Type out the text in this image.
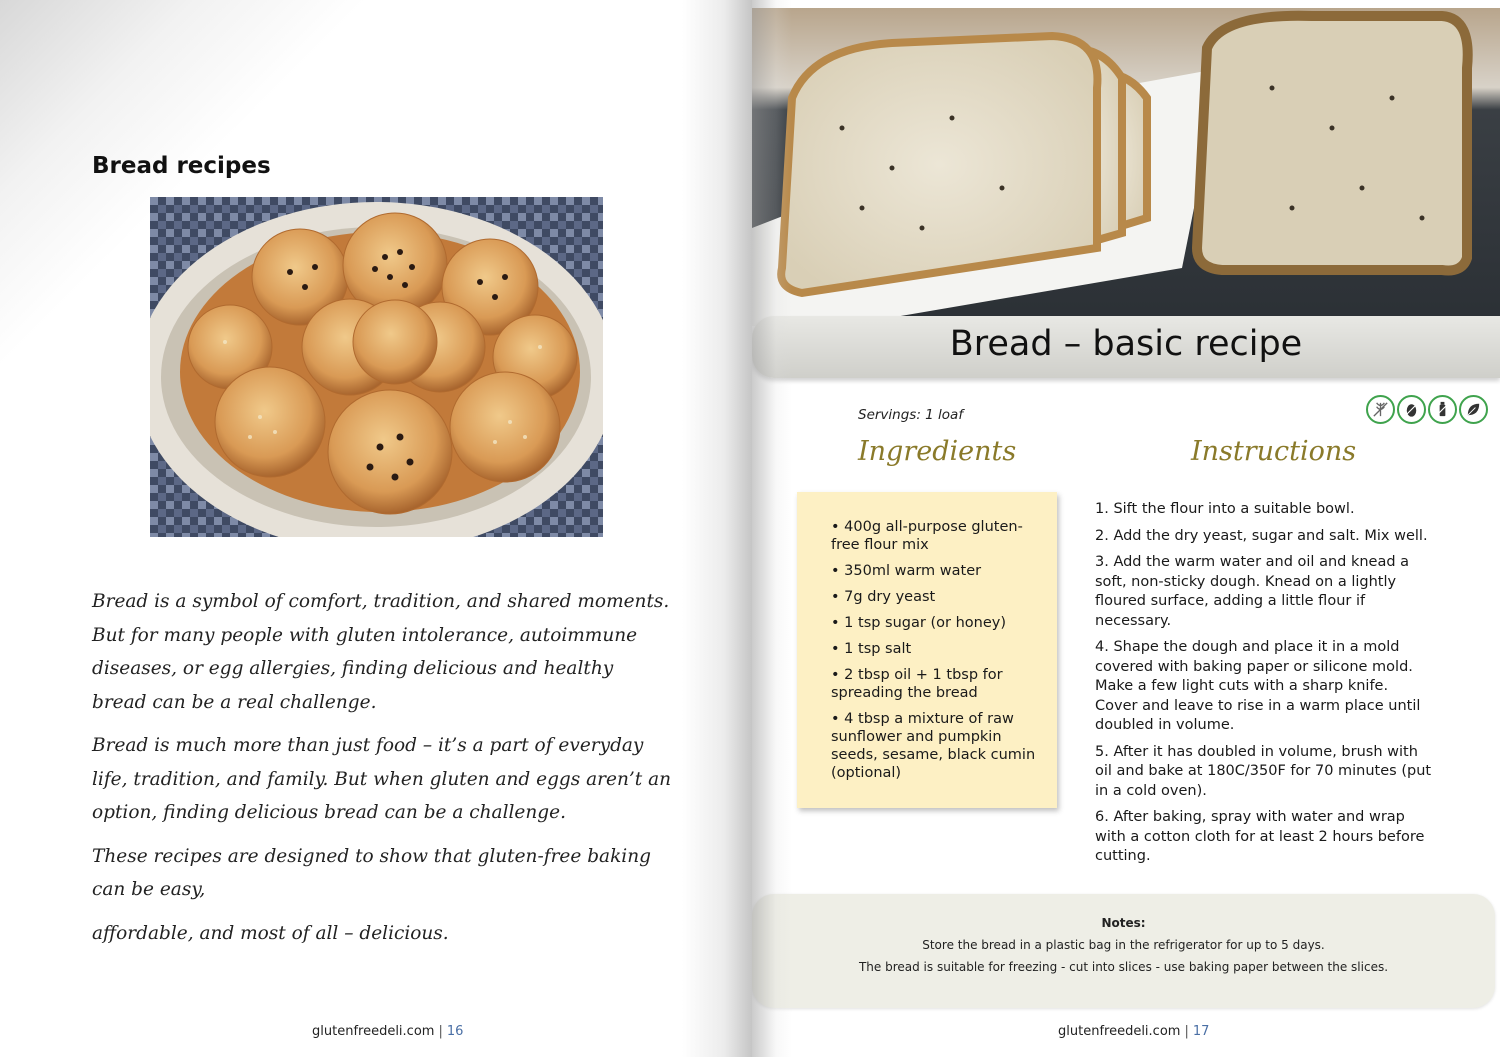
Bread recipes

Bread is a symbol of comfort, tradition, and shared moments. But for many people with gluten intolerance, autoimmune diseases, or egg allergies, finding delicious and healthy bread can be a real challenge.

Bread is much more than just food – it’s a part of everyday life, tradition, and family. But when gluten and eggs aren’t an option, finding delicious bread can be a challenge.

These recipes are designed to show that gluten-free baking can be easy,

affordable, and most of all – delicious.

glutenfreedeli.com | 16
Bread – basic recipe
Servings: 1 loaf
Ingredients	Instructions
• 400g all-purpose gluten-free flour mix
• 350ml warm water
• 7g dry yeast
• 1 tsp sugar (or honey)
• 1 tsp salt
• 2 tbsp oil + 1 tbsp for spreading the bread
• 4 tbsp a mixture of raw sunflower and pumpkin seeds, sesame, black cumin (optional)
1. Sift the flour into a suitable bowl.
2. Add the dry yeast, sugar and salt. Mix well.
3. Add the warm water and oil and knead a soft, non-sticky dough. Knead on a lightly floured surface, adding a little flour if necessary.
4. Shape the dough and place it in a mold covered with baking paper or silicone mold. Make a few light cuts with a sharp knife. Cover and leave to rise in a warm place until doubled in volume.
5. After it has doubled in volume, brush with oil and bake at 180C/350F for 70 minutes (put in a cold oven).
6. After baking, spray with water and wrap with a cotton cloth for at least 2 hours before cutting.
Notes:
Store the bread in a plastic bag in the refrigerator for up to 5 days.
The bread is suitable for freezing - cut into slices - use baking paper between the slices.
glutenfreedeli.com | 17
